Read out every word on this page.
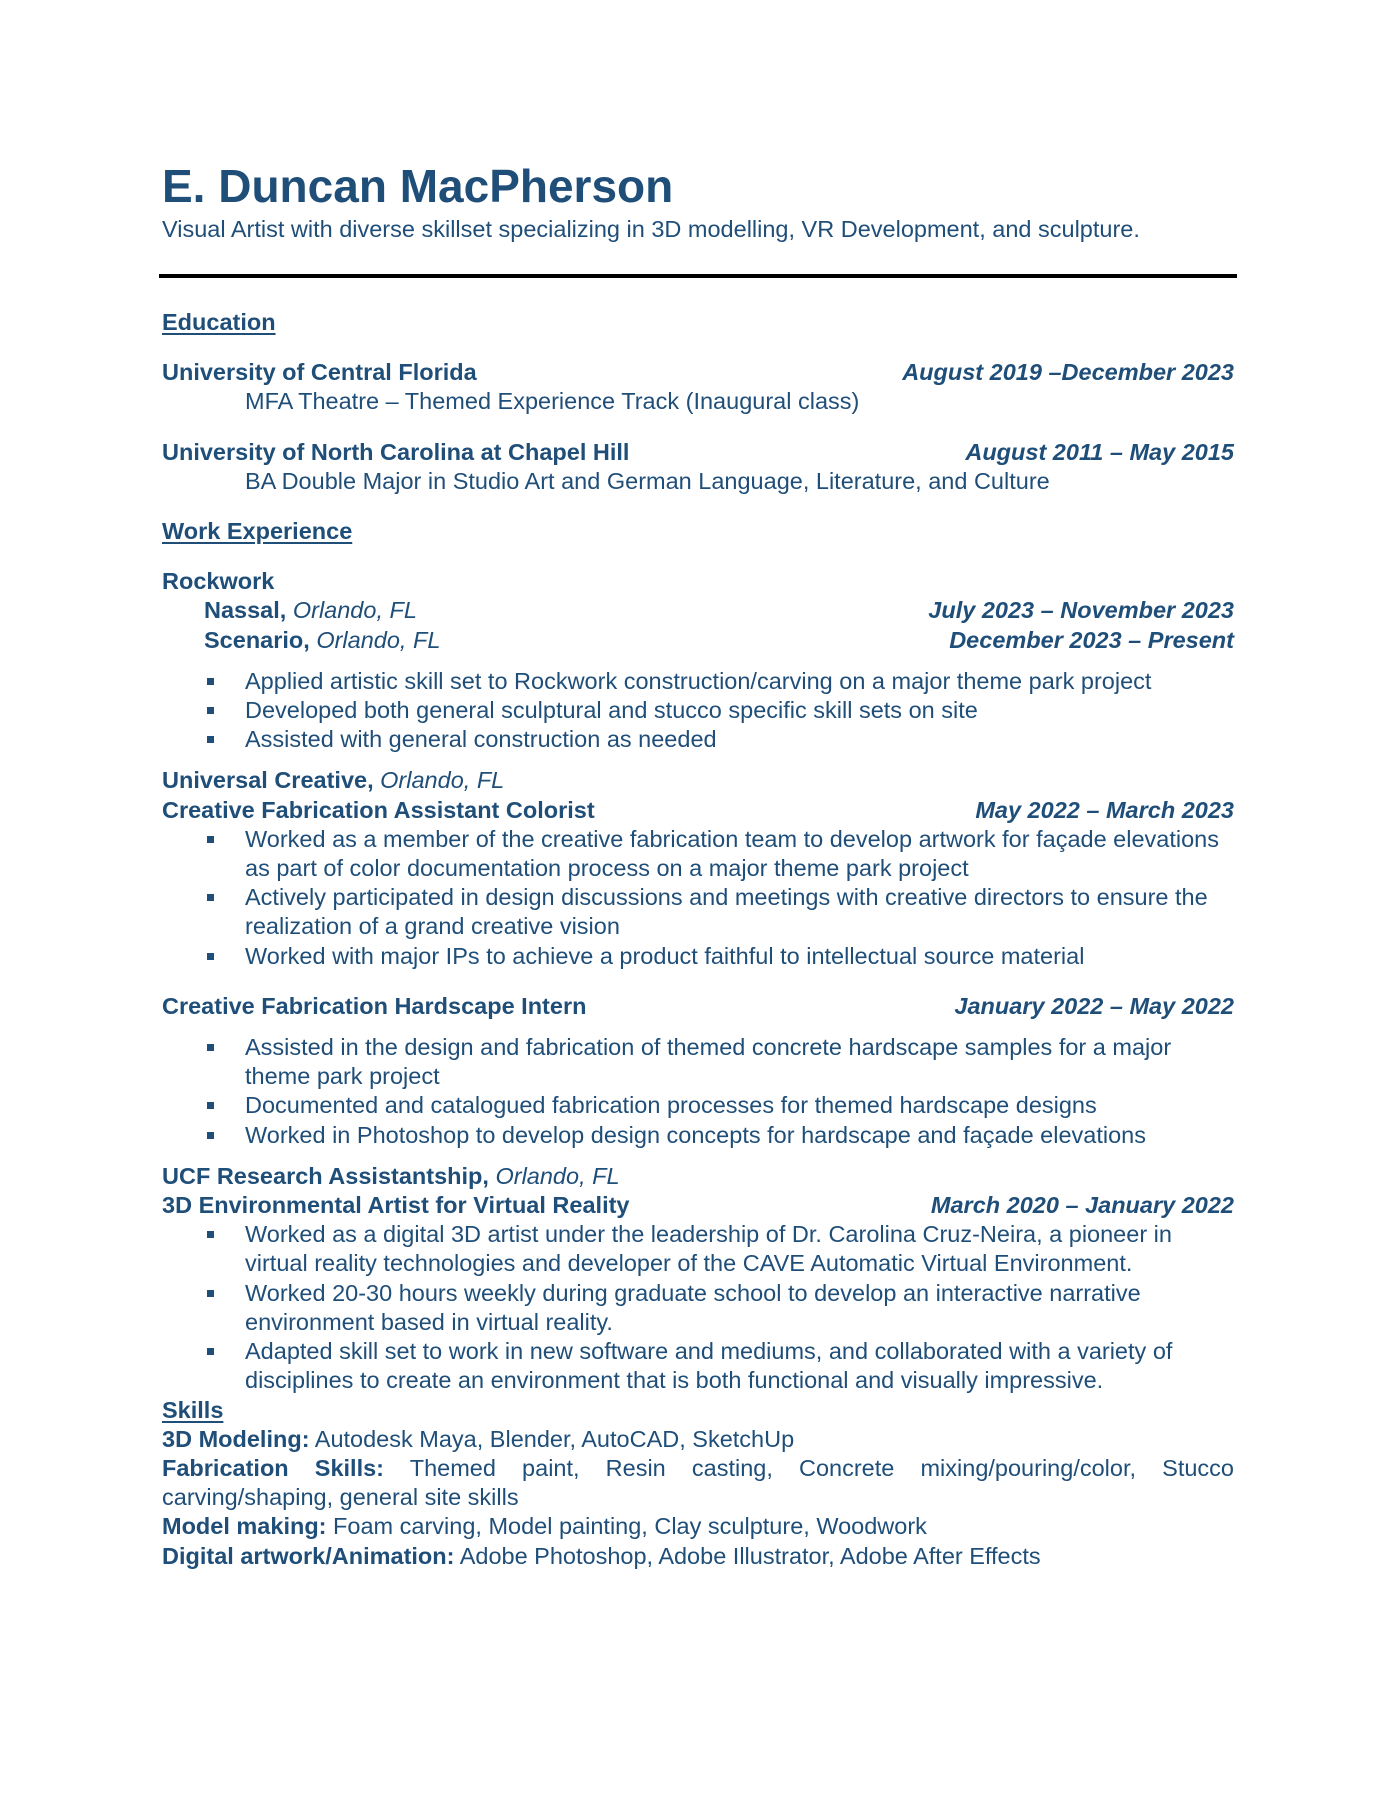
E. Duncan MacPherson
Visual Artist with diverse skillset specializing in 3D modelling, VR Development, and sculpture.
Education
University of Central Florida	August 2019 –December 2023
MFA Theatre – Themed Experience Track (Inaugural class)
University of North Carolina at Chapel Hill	August 2011 – May 2015
BA Double Major in Studio Art and German Language, Literature, and Culture
Work Experience
Rockwork
Nassal, Orlando, FL	July 2023 – November 2023
Scenario, Orlando, FL	December 2023 – Present
Applied artistic skill set to Rockwork construction/carving on a major theme park project
Developed both general sculptural and stucco specific skill sets on site
Assisted with general construction as needed
Universal Creative, Orlando, FL
Creative Fabrication Assistant Colorist	May 2022 – March 2023
Worked as a member of the creative fabrication team to develop artwork for façade elevations as part of color documentation process on a major theme park project
Actively participated in design discussions and meetings with creative directors to ensure the realization of a grand creative vision
Worked with major IPs to achieve a product faithful to intellectual source material
Creative Fabrication Hardscape Intern	January 2022 – May 2022
Assisted in the design and fabrication of themed concrete hardscape samples for a major theme park project
Documented and catalogued fabrication processes for themed hardscape designs
Worked in Photoshop to develop design concepts for hardscape and façade elevations
UCF Research Assistantship, Orlando, FL
3D Environmental Artist for Virtual Reality	March 2020 – January 2022
Worked as a digital 3D artist under the leadership of Dr. Carolina Cruz-Neira, a pioneer in virtual reality technologies and developer of the CAVE Automatic Virtual Environment.
Worked 20-30 hours weekly during graduate school to develop an interactive narrative environment based in virtual reality.
Adapted skill set to work in new software and mediums, and collaborated with a variety of disciplines to create an environment that is both functional and visually impressive.
Skills
3D Modeling: Autodesk Maya, Blender, AutoCAD, SketchUp
Fabrication Skills: Themed paint, Resin casting, Concrete mixing/pouring/color, Stucco carving/shaping, general site skills
Model making: Foam carving, Model painting, Clay sculpture, Woodwork
Digital artwork/Animation: Adobe Photoshop, Adobe Illustrator, Adobe After Effects
